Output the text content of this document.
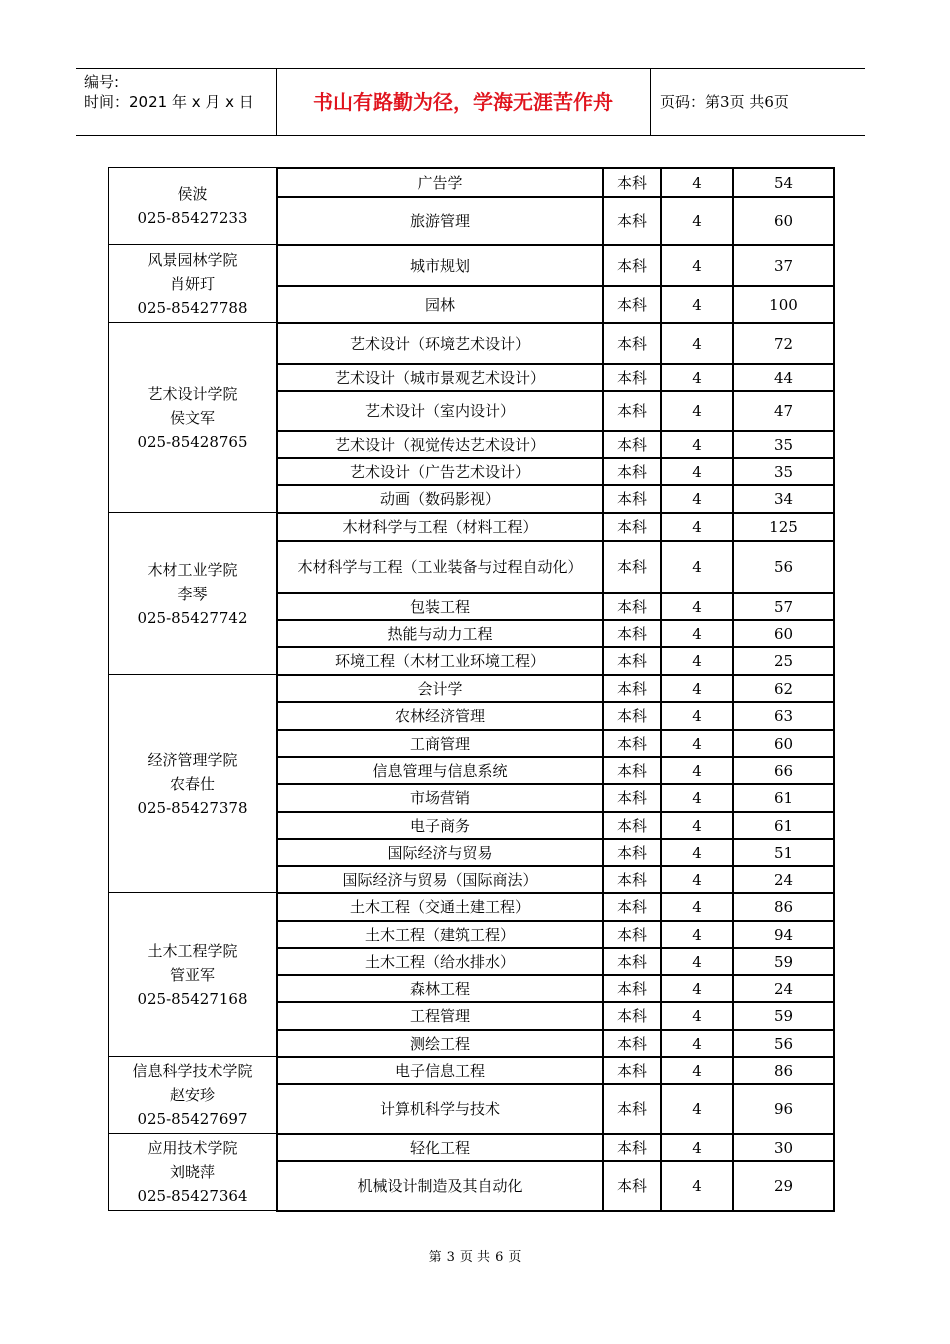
编号:
时间：2021 年 x 月 x 日	书山有路勤为径，学海无涯苦作舟	页码：第3页 共6页
侯波
025-85427233
广告学	本科	4	54
旅游管理	本科	4	60
风景园林学院
肖妍玎
025-85427788
城市规划	本科	4	37
园林	本科	4	100
艺术设计学院
侯文军
025-85428765
艺术设计（环境艺术设计）	本科	4	72
艺术设计（城市景观艺术设计）	本科	4	44
艺术设计（室内设计）	本科	4	47
艺术设计（视觉传达艺术设计）	本科	4	35
艺术设计（广告艺术设计）	本科	4	35
动画（数码影视）	本科	4	34
木材工业学院
李琴
025-85427742
木材科学与工程（材料工程）	本科	4	125
木材科学与工程（工业装备与过程自动化）	本科	4	56
包装工程	本科	4	57
热能与动力工程	本科	4	60
环境工程（木材工业环境工程）	本科	4	25
经济管理学院
农春仕
025-85427378
会计学	本科	4	62
农林经济管理	本科	4	63
工商管理	本科	4	60
信息管理与信息系统	本科	4	66
市场营销	本科	4	61
电子商务	本科	4	61
国际经济与贸易	本科	4	51
国际经济与贸易（国际商法）	本科	4	24
土木工程学院
管亚军
025-85427168
土木工程（交通土建工程）	本科	4	86
土木工程（建筑工程）	本科	4	94
土木工程（给水排水）	本科	4	59
森林工程	本科	4	24
工程管理	本科	4	59
测绘工程	本科	4	56
信息科学技术学院
赵安珍
025-85427697
电子信息工程	本科	4	86
计算机科学与技术	本科	4	96
应用技术学院
刘晓萍
025-85427364
轻化工程	本科	4	30
机械设计制造及其自动化	本科	4	29
第 3 页 共 6 页
